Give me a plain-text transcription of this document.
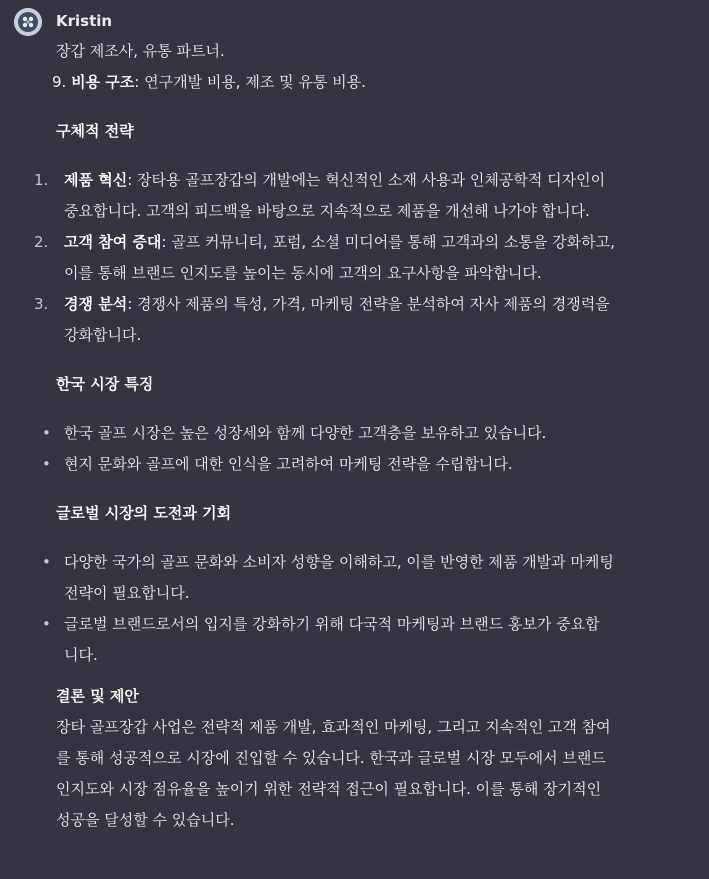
Kristin
장갑 제조사, 유통 파트너.
9. 비용 구조: 연구개발 비용, 제조 및 유통 비용.
구체적 전략
1. 제품 혁신: 장타용 골프장갑의 개발에는 혁신적인 소재 사용과 인체공학적 디자인이
중요합니다. 고객의 피드백을 바탕으로 지속적으로 제품을 개선해 나가야 합니다.
2. 고객 참여 증대: 골프 커뮤니티, 포럼, 소셜 미디어를 통해 고객과의 소통을 강화하고,
이를 통해 브랜드 인지도를 높이는 동시에 고객의 요구사항을 파악합니다.
3. 경쟁 분석: 경쟁사 제품의 특성, 가격, 마케팅 전략을 분석하여 자사 제품의 경쟁력을
강화합니다.
한국 시장 특징
• 한국 골프 시장은 높은 성장세와 함께 다양한 고객층을 보유하고 있습니다.
• 현지 문화와 골프에 대한 인식을 고려하여 마케팅 전략을 수립합니다.
글로벌 시장의 도전과 기회
• 다양한 국가의 골프 문화와 소비자 성향을 이해하고, 이를 반영한 제품 개발과 마케팅
전략이 필요합니다.
• 글로벌 브랜드로서의 입지를 강화하기 위해 다국적 마케팅과 브랜드 홍보가 중요합
니다.
결론 및 제안
장타 골프장갑 사업은 전략적 제품 개발, 효과적인 마케팅, 그리고 지속적인 고객 참여
를 통해 성공적으로 시장에 진입할 수 있습니다. 한국과 글로벌 시장 모두에서 브랜드
인지도와 시장 점유율을 높이기 위한 전략적 접근이 필요합니다. 이를 통해 장기적인
성공을 달성할 수 있습니다.
